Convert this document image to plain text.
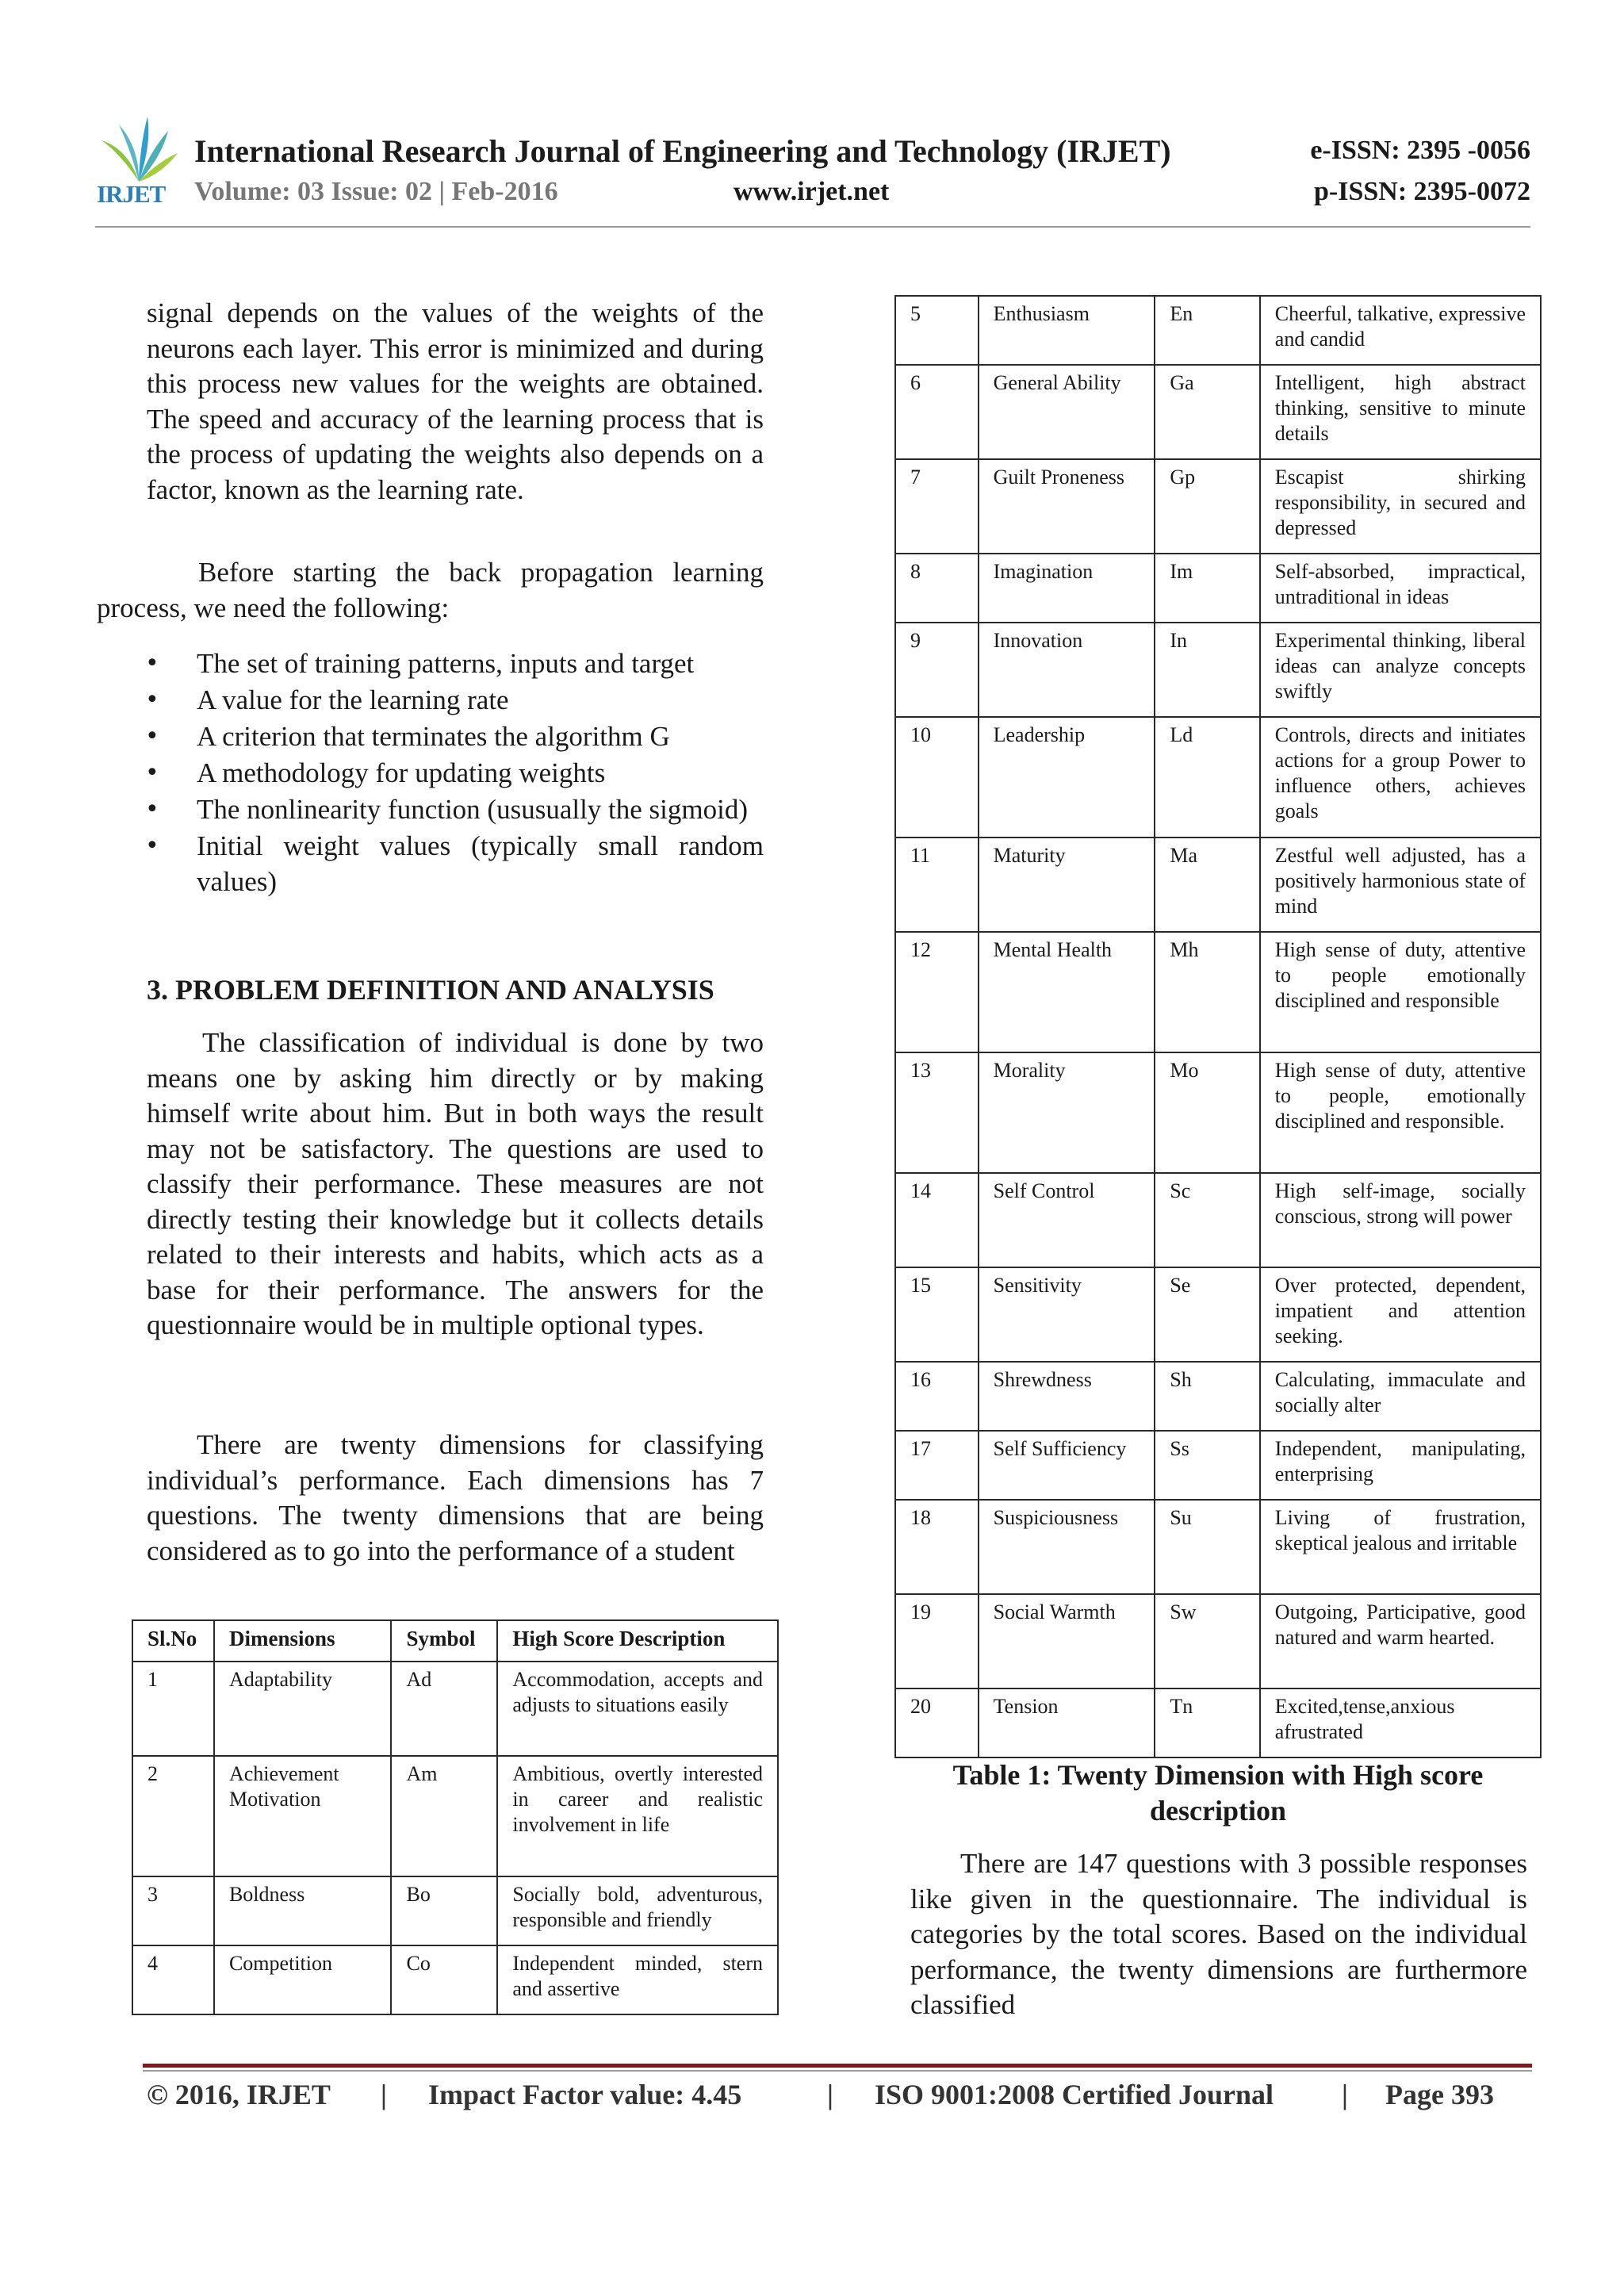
IRJET
International Research Journal of Engineering and Technology (IRJET)	e-ISSN: 2395 -0056
Volume: 03 Issue: 02 | Feb-2016	www.irjet.net	p-ISSN: 2395-0072

signal depends on the values of the weights of the neurons each layer. This error is minimized and during this process new values for the weights are obtained. The speed and accuracy of the learning process that is the process of updating the weights also depends on a factor, known as the learning rate.

Before starting the back propagation learning process, we need the following:

• The set of training patterns, inputs and target
• A value for the learning rate
• A criterion that terminates the algorithm G
• A methodology for updating weights
• The nonlinearity function (ususually the sigmoid)
• Initial weight values (typically small random values)
3. PROBLEM DEFINITION AND ANALYSIS

The classification of individual is done by two means one by asking him directly or by making himself write about him. But in both ways the result may not be satisfactory. The questions are used to classify their performance. These measures are not directly testing their knowledge but it collects details related to their interests and habits, which acts as a base for their performance. The answers for the questionnaire would be in multiple optional types.

There are twenty dimensions for classifying individual’s performance. Each dimensions has 7 questions. The twenty dimensions that are being considered as to go into the performance of a student

Sl.No	Dimensions	Symbol	High Score Description
1	Adaptability	Ad	Accommodation, accepts and adjusts to situations easily
2	Achievement Motivation	Am	Ambitious, overtly interested in career and realistic involvement in life
3	Boldness	Bo	Socially bold, adventurous, responsible and friendly
4	Competition	Co	Independent minded, stern and assertive
5	Enthusiasm	En	Cheerful, talkative, expressive and candid
6	General Ability	Ga	Intelligent, high abstract thinking, sensitive to minute details
7	Guilt Proneness	Gp	Escapist shirking responsibility, in secured and depressed
8	Imagination	Im	Self-absorbed, impractical, untraditional in ideas
9	Innovation	In	Experimental thinking, liberal ideas can analyze concepts swiftly
10	Leadership	Ld	Controls, directs and initiates actions for a group Power to influence others, achieves goals
11	Maturity	Ma	Zestful well adjusted, has a positively harmonious state of mind
12	Mental Health	Mh	High sense of duty, attentive to people emotionally disciplined and responsible
13	Morality	Mo	High sense of duty, attentive to people, emotionally disciplined and responsible.
14	Self Control	Sc	High self-image, socially conscious, strong will power
15	Sensitivity	Se	Over protected, dependent, impatient and attention seeking.
16	Shrewdness	Sh	Calculating, immaculate and socially alter
17	Self Sufficiency	Ss	Independent, manipulating, enterprising
18	Suspiciousness	Su	Living of frustration, skeptical jealous and irritable
19	Social Warmth	Sw	Outgoing, Participative, good natured and warm hearted.
20	Tension	Tn	Excited,tense,anxious afrustrated
Table 1: Twenty Dimension with High score description

There are 147 questions with 3 possible responses like given in the questionnaire. The individual is categories by the total scores. Based on the individual performance, the twenty dimensions are furthermore classified

© 2016, IRJET | Impact Factor value: 4.45	| ISO 9001:2008 Certified Journal | Page 393
